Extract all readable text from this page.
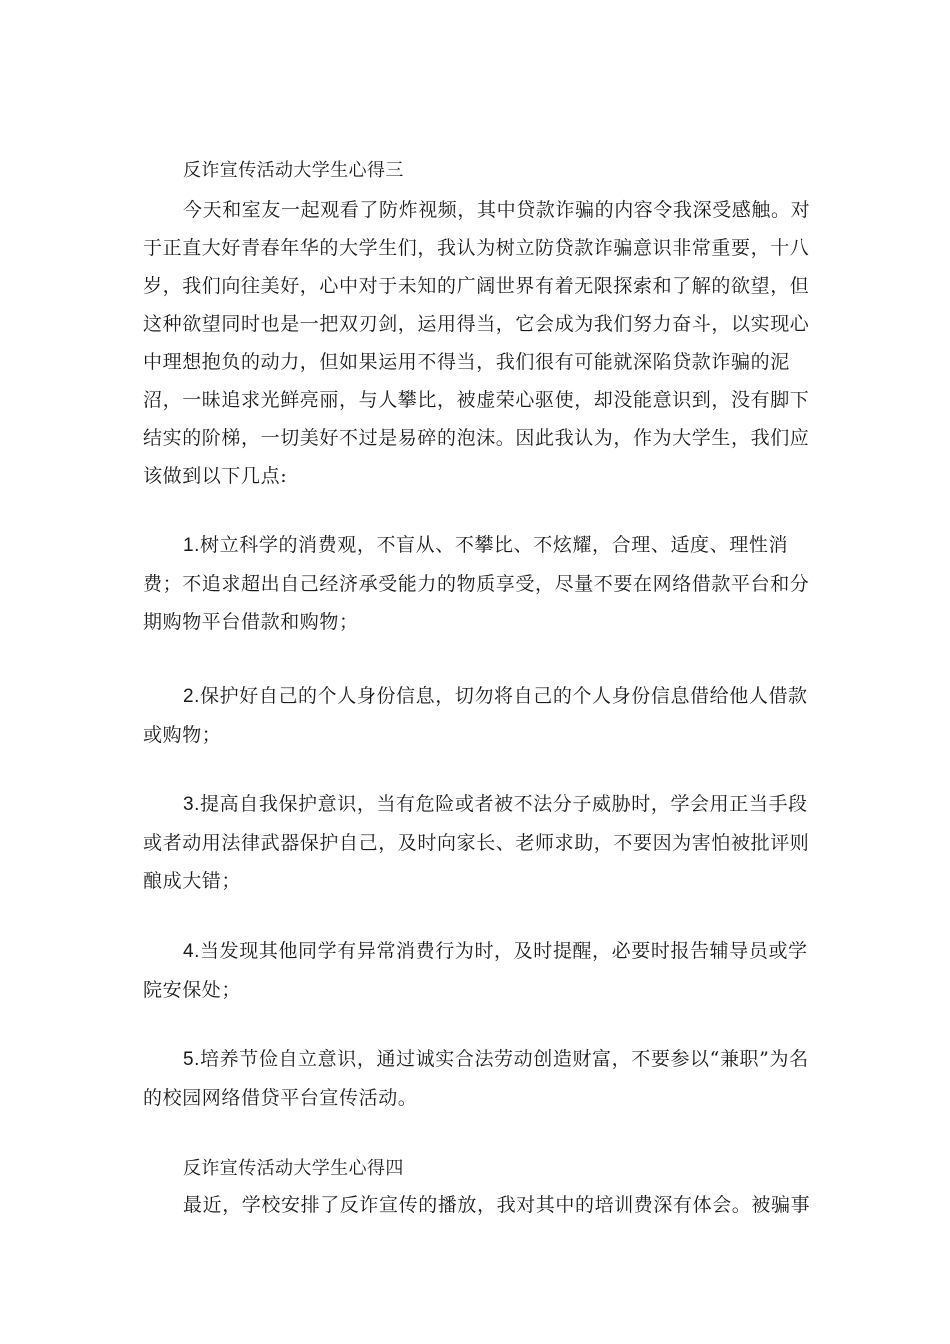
反诈宣传活动大学生心得三

今天和室友一起观看了防炸视频，其中贷款诈骗的内容令我深受感触。对于正直大好青春年华的大学生们，我认为树立防贷款诈骗意识非常重要，十八岁，我们向往美好，心中对于未知的广阔世界有着无限探索和了解的欲望，但这种欲望同时也是一把双刃剑，运用得当，它会成为我们努力奋斗，以实现心中理想抱负的动力，但如果运用不得当，我们很有可能就深陷贷款诈骗的泥沼，一昧追求光鲜亮丽，与人攀比，被虚荣心驱使，却没能意识到，没有脚下结实的阶梯，一切美好不过是易碎的泡沫。因此我认为，作为大学生，我们应该做到以下几点:

1.树立科学的消费观，不盲从、不攀比、不炫耀，合理、适度、理性消费；不追求超出自己经济承受能力的物质享受，尽量不要在网络借款平台和分期购物平台借款和购物；

2.保护好自己的个人身份信息，切勿将自己的个人身份信息借给他人借款或购物；

3.提高自我保护意识，当有危险或者被不法分子威胁时，学会用正当手段或者动用法律武器保护自己，及时向家长、老师求助，不要因为害怕被批评则酿成大错；

4.当发现其他同学有异常消费行为时，及时提醒，必要时报告辅导员或学院安保处；

5.培养节俭自立意识，通过诚实合法劳动创造财富，不要参以“兼职”为名的校园网络借贷平台宣传活动。

反诈宣传活动大学生心得四

最近，学校安排了反诈宣传的播放，我对其中的培训费深有体会。被骗事
